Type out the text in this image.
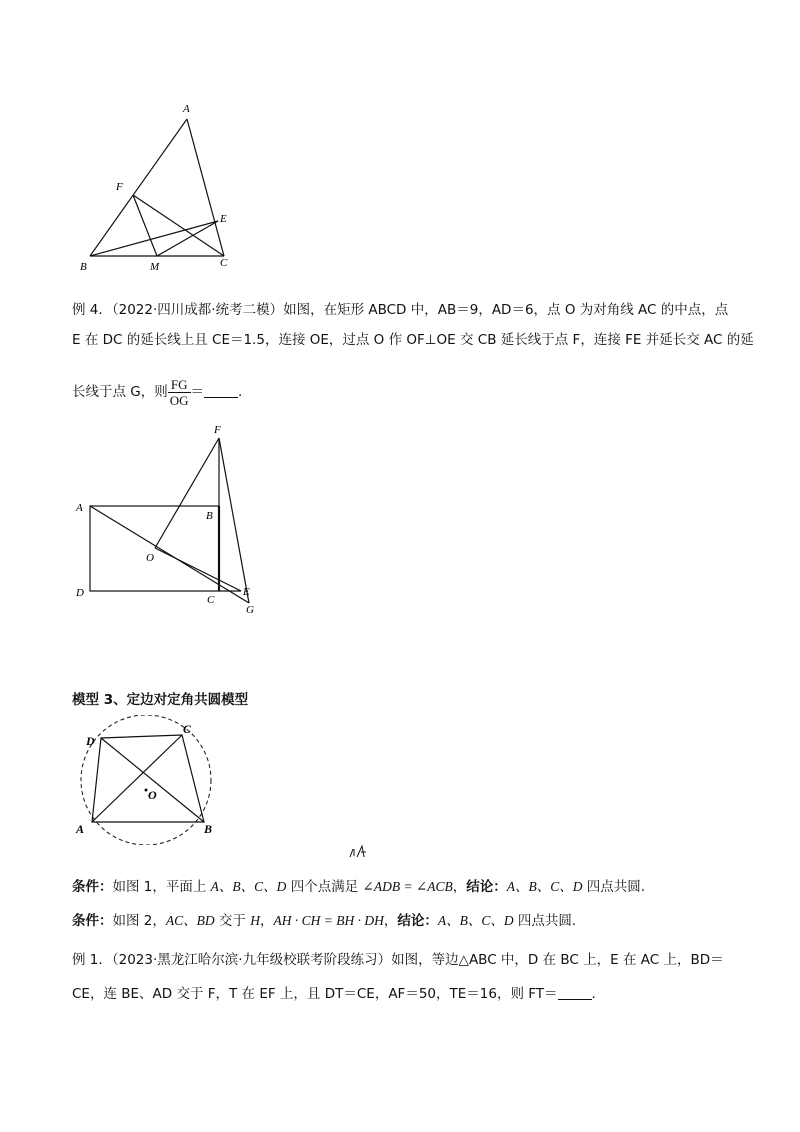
A
F
E
B	M	C
例 4．（2022·四川成都·统考二模）如图，在矩形 ABCD 中，AB＝9，AD＝6，点 O 为对角线 AC 的中点，点
E 在 DC 的延长线上且 CE＝1.5，连接 OE，过点 O 作 OF⊥OE 交 CB 延长线于点 F，连接 FE 并延长交 AC 的延
长线于点 G，则 $\frac{FG}{OG}$ ＝	.
F
A
B
O
D
C
E
G
模型 3、定边对定角共圆模型
D
C
O
A	B
条件：如图 1，平面上 A、B、C、D 四个点满足 ∠ADB = ∠ACB，结论：A、B、C、D 四点共圆.
条件：如图 2，AC、BD 交于 H，AH · CH = BH · DH，结论：A、B、C、D 四点共圆.
例 1．（2023·黑龙江哈尔滨·九年级校联考阶段练习）如图，等边△ABC 中，D 在 BC 上，E 在 AC 上，BD＝
CE，连 BE、AD 交于 F，T 在 EF 上，且 DT＝CE，AF＝50，TE＝16，则 FT＝	.
